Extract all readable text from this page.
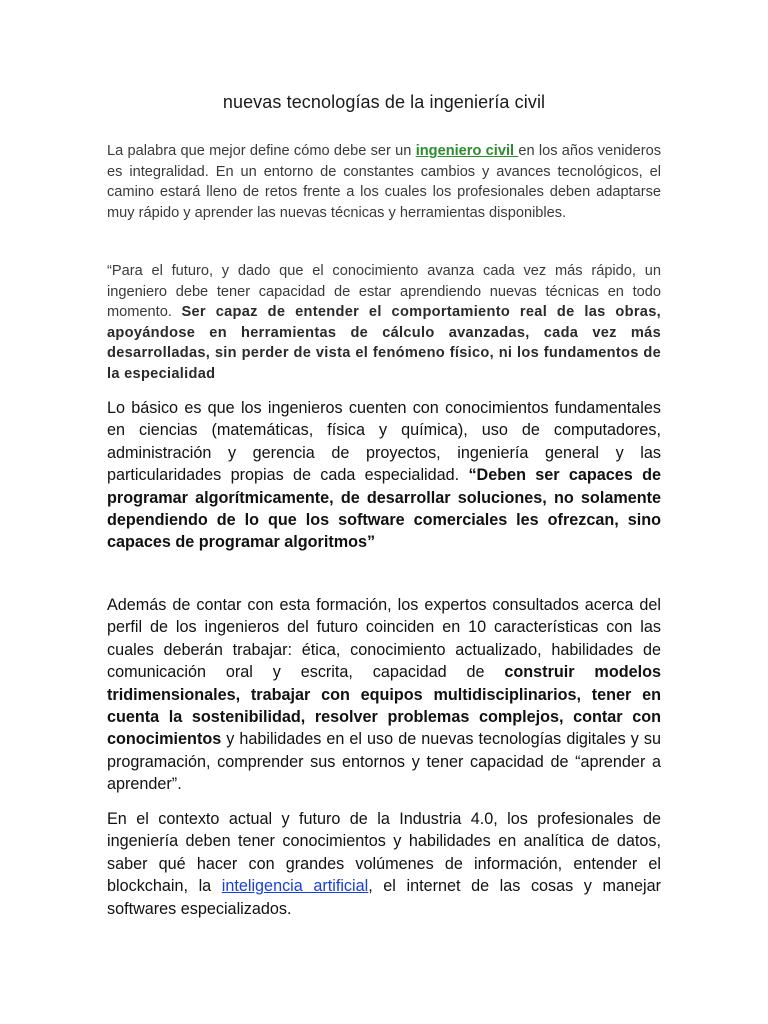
nuevas tecnologías de la ingeniería civil

La palabra que mejor define cómo debe ser un ingeniero civil en los años venideros es integralidad. En un entorno de constantes cambios y avances tecnológicos, el camino estará lleno de retos frente a los cuales los profesionales deben adaptarse muy rápido y aprender las nuevas técnicas y herramientas disponibles.

“Para el futuro, y dado que el conocimiento avanza cada vez más rápido, un ingeniero debe tener capacidad de estar aprendiendo nuevas técnicas en todo momento. Ser capaz de entender el comportamiento real de las obras, apoyándose en herramientas de cálculo avanzadas, cada vez más desarrolladas, sin perder de vista el fenómeno físico, ni los fundamentos de la especialidad

Lo básico es que los ingenieros cuenten con conocimientos fundamentales en ciencias (matemáticas, física y química), uso de computadores, administración y gerencia de proyectos, ingeniería general y las particularidades propias de cada especialidad. “Deben ser capaces de programar algorítmicamente, de desarrollar soluciones, no solamente dependiendo de lo que los software comerciales les ofrezcan, sino capaces de programar algoritmos”

Además de contar con esta formación, los expertos consultados acerca del perfil de los ingenieros del futuro coinciden en 10 características con las cuales deberán trabajar: ética, conocimiento actualizado, habilidades de comunicación oral y escrita, capacidad de construir modelos tridimensionales, trabajar con equipos multidisciplinarios, tener en cuenta la sostenibilidad, resolver problemas complejos, contar con conocimientos y habilidades en el uso de nuevas tecnologías digitales y su programación, comprender sus entornos y tener capacidad de “aprender a aprender”.

En el contexto actual y futuro de la Industria 4.0, los profesionales de ingeniería deben tener conocimientos y habilidades en analítica de datos, saber qué hacer con grandes volúmenes de información, entender el blockchain, la inteligencia artificial, el internet de las cosas y manejar softwares especializados.
